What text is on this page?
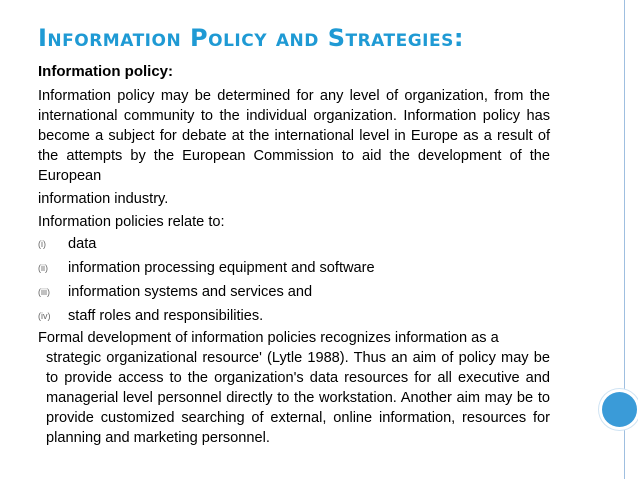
Information Policy and Strategies:

Information policy:

Information policy may be determined for any level of organization, from the international community to the individual organization. Information policy has become a subject for debate at the international level in Europe as a result of the attempts by the European Commission to aid the development of the European

information industry.

Information policies relate to:

(i) data
(ii) information processing equipment and software
(iii) information systems and services and
(iv) staff roles and responsibilities.

Formal development of information policies recognizes information as a
strategic organizational resource' (Lytle 1988). Thus an aim of policy may be to provide access to the organization's data resources for all executive and managerial level personnel directly to the workstation. Another aim may be to provide customized searching of external, online information, resources for planning and marketing personnel.
